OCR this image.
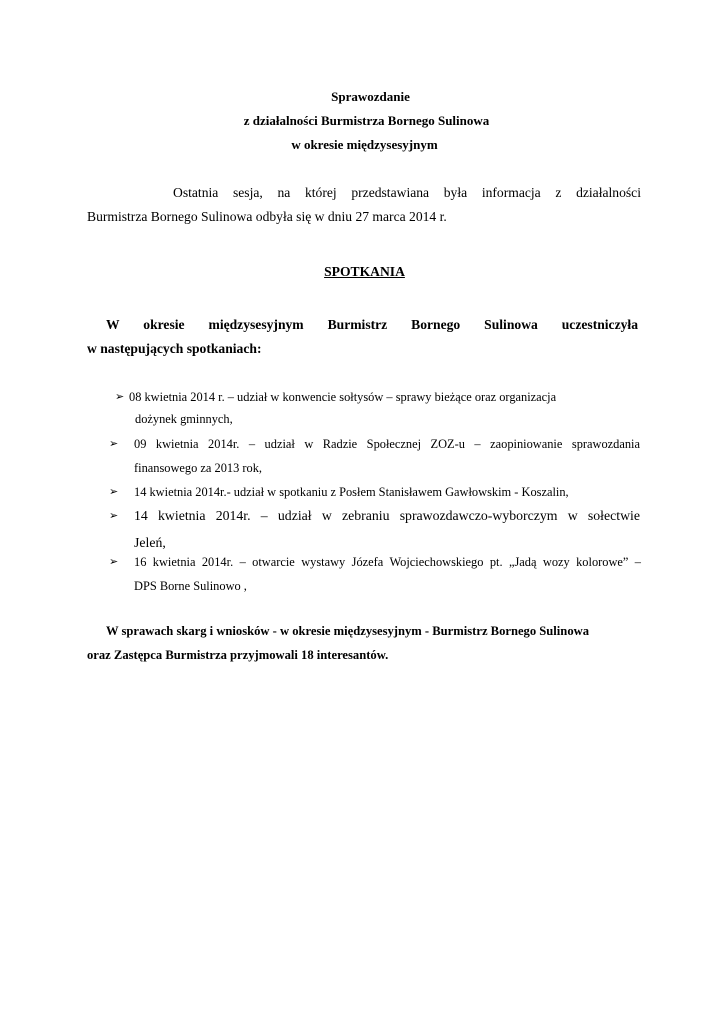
Sprawozdanie
z działalności Burmistrza Bornego Sulinowa
w okresie międzysesyjnym
Ostatnia sesja, na której przedstawiana była informacja z działalności
Burmistrza Bornego Sulinowa odbyła się w dniu 27 marca 2014 r.
SPOTKANIA
W okresie międzysesyjnym Burmistrz Bornego Sulinowa uczestniczyła
w następujących spotkaniach:
➢ 08 kwietnia 2014 r. – udział w konwencie sołtysów – sprawy bieżące oraz organizacja
dożynek gminnych,
➢	09 kwietnia 2014r. – udział w Radzie Społecznej ZOZ-u – zaopiniowanie sprawozdania
finansowego za 2013 rok,
➢	14 kwietnia 2014r.- udział w spotkaniu z Posłem Stanisławem Gawłowskim - Koszalin,
➢	14 kwietnia 2014r. – udział w zebraniu sprawozdawczo-wyborczym w sołectwie
Jeleń,
➢	16 kwietnia 2014r. – otwarcie wystawy Józefa Wojciechowskiego pt. „Jadą wozy kolorowe” –
DPS Borne Sulinowo ,
W sprawach skarg i wniosków - w okresie międzysesyjnym - Burmistrz Bornego Sulinowa
oraz Zastępca Burmistrza przyjmowali 18 interesantów.
